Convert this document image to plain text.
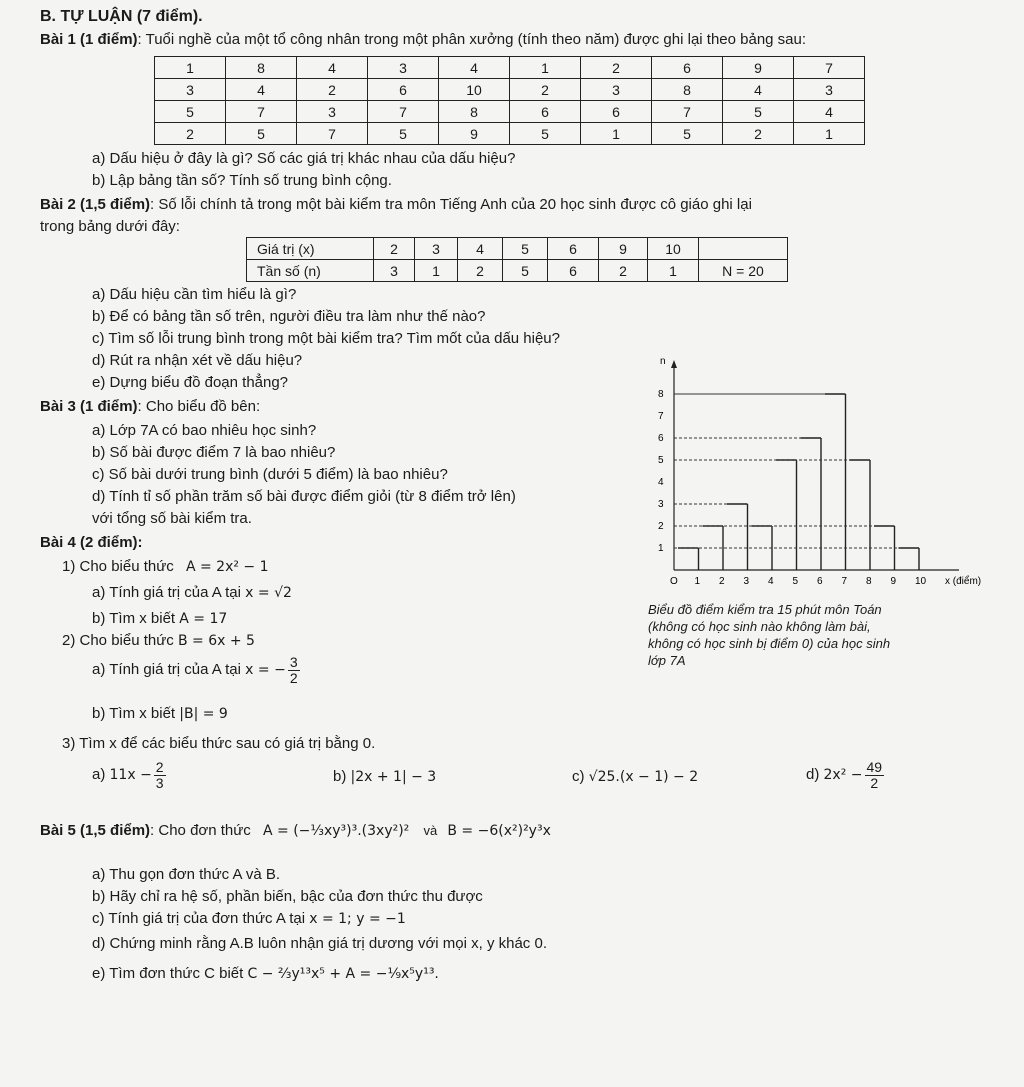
B. TỰ LUẬN (7 điểm).
Bài 1 (1 điểm): Tuổi nghề của một tổ công nhân trong một phân xưởng (tính theo năm) được ghi lại theo bảng sau:
1	8	4	3	4	1	2	6	9	7
3	4	2	6	10	2	3	8	4	3
5	7	3	7	8	6	6	7	5	4
2	5	7	5	9	5	1	5	2	1
a) Dấu hiệu ở đây là gì? Số các giá trị khác nhau của dấu hiệu?
b) Lập bảng tần số? Tính số trung bình cộng.
Bài 2 (1,5 điểm): Số lỗi chính tả trong một bài kiểm tra môn Tiếng Anh của 20 học sinh được cô giáo ghi lại
trong bảng dưới đây:
Giá trị (x)	2	3	4	5	6	9	10	
Tần số (n)	3	1	2	5	6	2	1	N = 20
a) Dấu hiệu cần tìm hiểu là gì?
b) Để có bảng tần số trên, người điều tra làm như thế nào?
c) Tìm số lỗi trung bình trong một bài kiểm tra? Tìm mốt của dấu hiệu?
d) Rút ra nhận xét về dấu hiệu?
e) Dựng biểu đồ đoạn thẳng?
Bài 3 (1 điểm): Cho biểu đồ bên:
a) Lớp 7A có bao nhiêu học sinh?
b) Số bài được điểm 7 là bao nhiêu?
c) Số bài dưới trung bình (dưới 5 điểm) là bao nhiêu?
d) Tính tỉ số phần trăm số bài được điểm giỏi (từ 8 điểm trở lên)
với tổng số bài kiểm tra.
n
x (điểm)
1
2
3
4
5
6
7
8
O 1 2 3 4 5 6 7 8 9 10
Biểu đồ điểm kiểm tra 15 phút môn Toán
(không có học sinh nào không làm bài,
không có học sinh bị điểm 0) của học sinh
lớp 7A
Bài 4 (2 điểm):
1) Cho biểu thức A = 2x² − 1
a) Tính giá trị của A tại x = √2
b) Tìm x biết A = 17
2) Cho biểu thức B = 6x + 5
a) Tính giá trị của A tại x = − $\frac{3}{2}$
b) Tìm x biết |B| = 9
3) Tìm x để các biểu thức sau có giá trị bằng 0.
a) $11x - \frac{2}{3}$	b) |2x + 1| − 3	c) √25.(x − 1) − 2	d) $2x^2 - \frac{49}{2}$
Bài 5 (1,5 điểm): Cho đơn thức A = (−⅓xy³)³.(3xy²)² và B = −6(x²)²y³x
a) Thu gọn đơn thức A và B.
b) Hãy chỉ ra hệ số, phần biến, bậc của đơn thức thu được
c) Tính giá trị của đơn thức A tại x = 1; y = −1
d) Chứng minh rằng A.B luôn nhận giá trị dương với mọi x, y khác 0.
e) Tìm đơn thức C biết C − ⅔y¹³x⁵ + A = −⅑x⁵y¹³.
